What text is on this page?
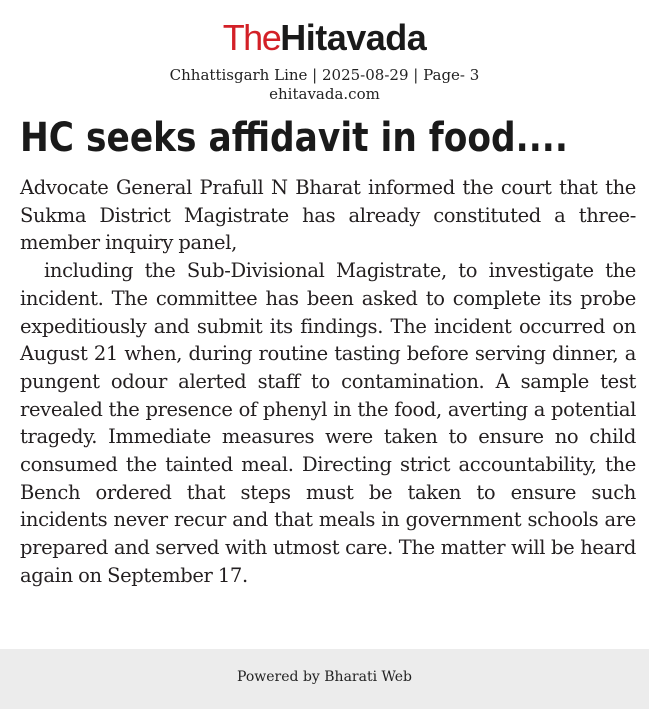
TheHitavada
Chhattisgarh Line | 2025-08-29 | Page- 3
ehitavada.com
HC seeks affidavit in food....

Advocate General Prafull N Bharat informed the court that the Sukma District Magistrate has already constituted a three-member inquiry panel,

including the Sub-Divisional Magistrate, to investigate the incident. The committee has been asked to complete its probe expeditiously and submit its findings. The incident occurred on August 21 when, during routine tasting before serving dinner, a pungent odour alerted staff to contamination. A sample test revealed the presence of phenyl in the food, averting a potential tragedy. Immediate measures were taken to ensure no child consumed the tainted meal. Directing strict accountability, the Bench ordered that steps must be taken to ensure such incidents never recur and that meals in government schools are prepared and served with utmost care. The matter will be heard again on September 17.

Powered by Bharati Web
